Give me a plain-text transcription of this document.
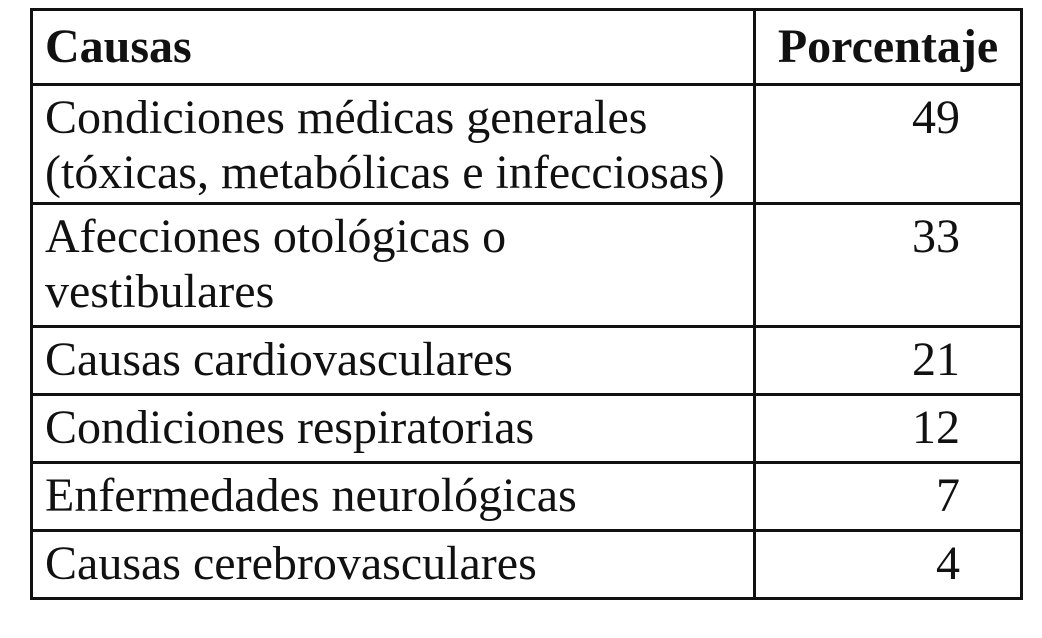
Causas	Porcentaje
Condiciones médicas generales (tóxicas, metabólicas e infecciosas)	49
Afecciones otológicas o vestibulares	33
Causas cardiovasculares	21
Condiciones respiratorias	12
Enfermedades neurológicas	7
Causas cerebrovasculares	4
